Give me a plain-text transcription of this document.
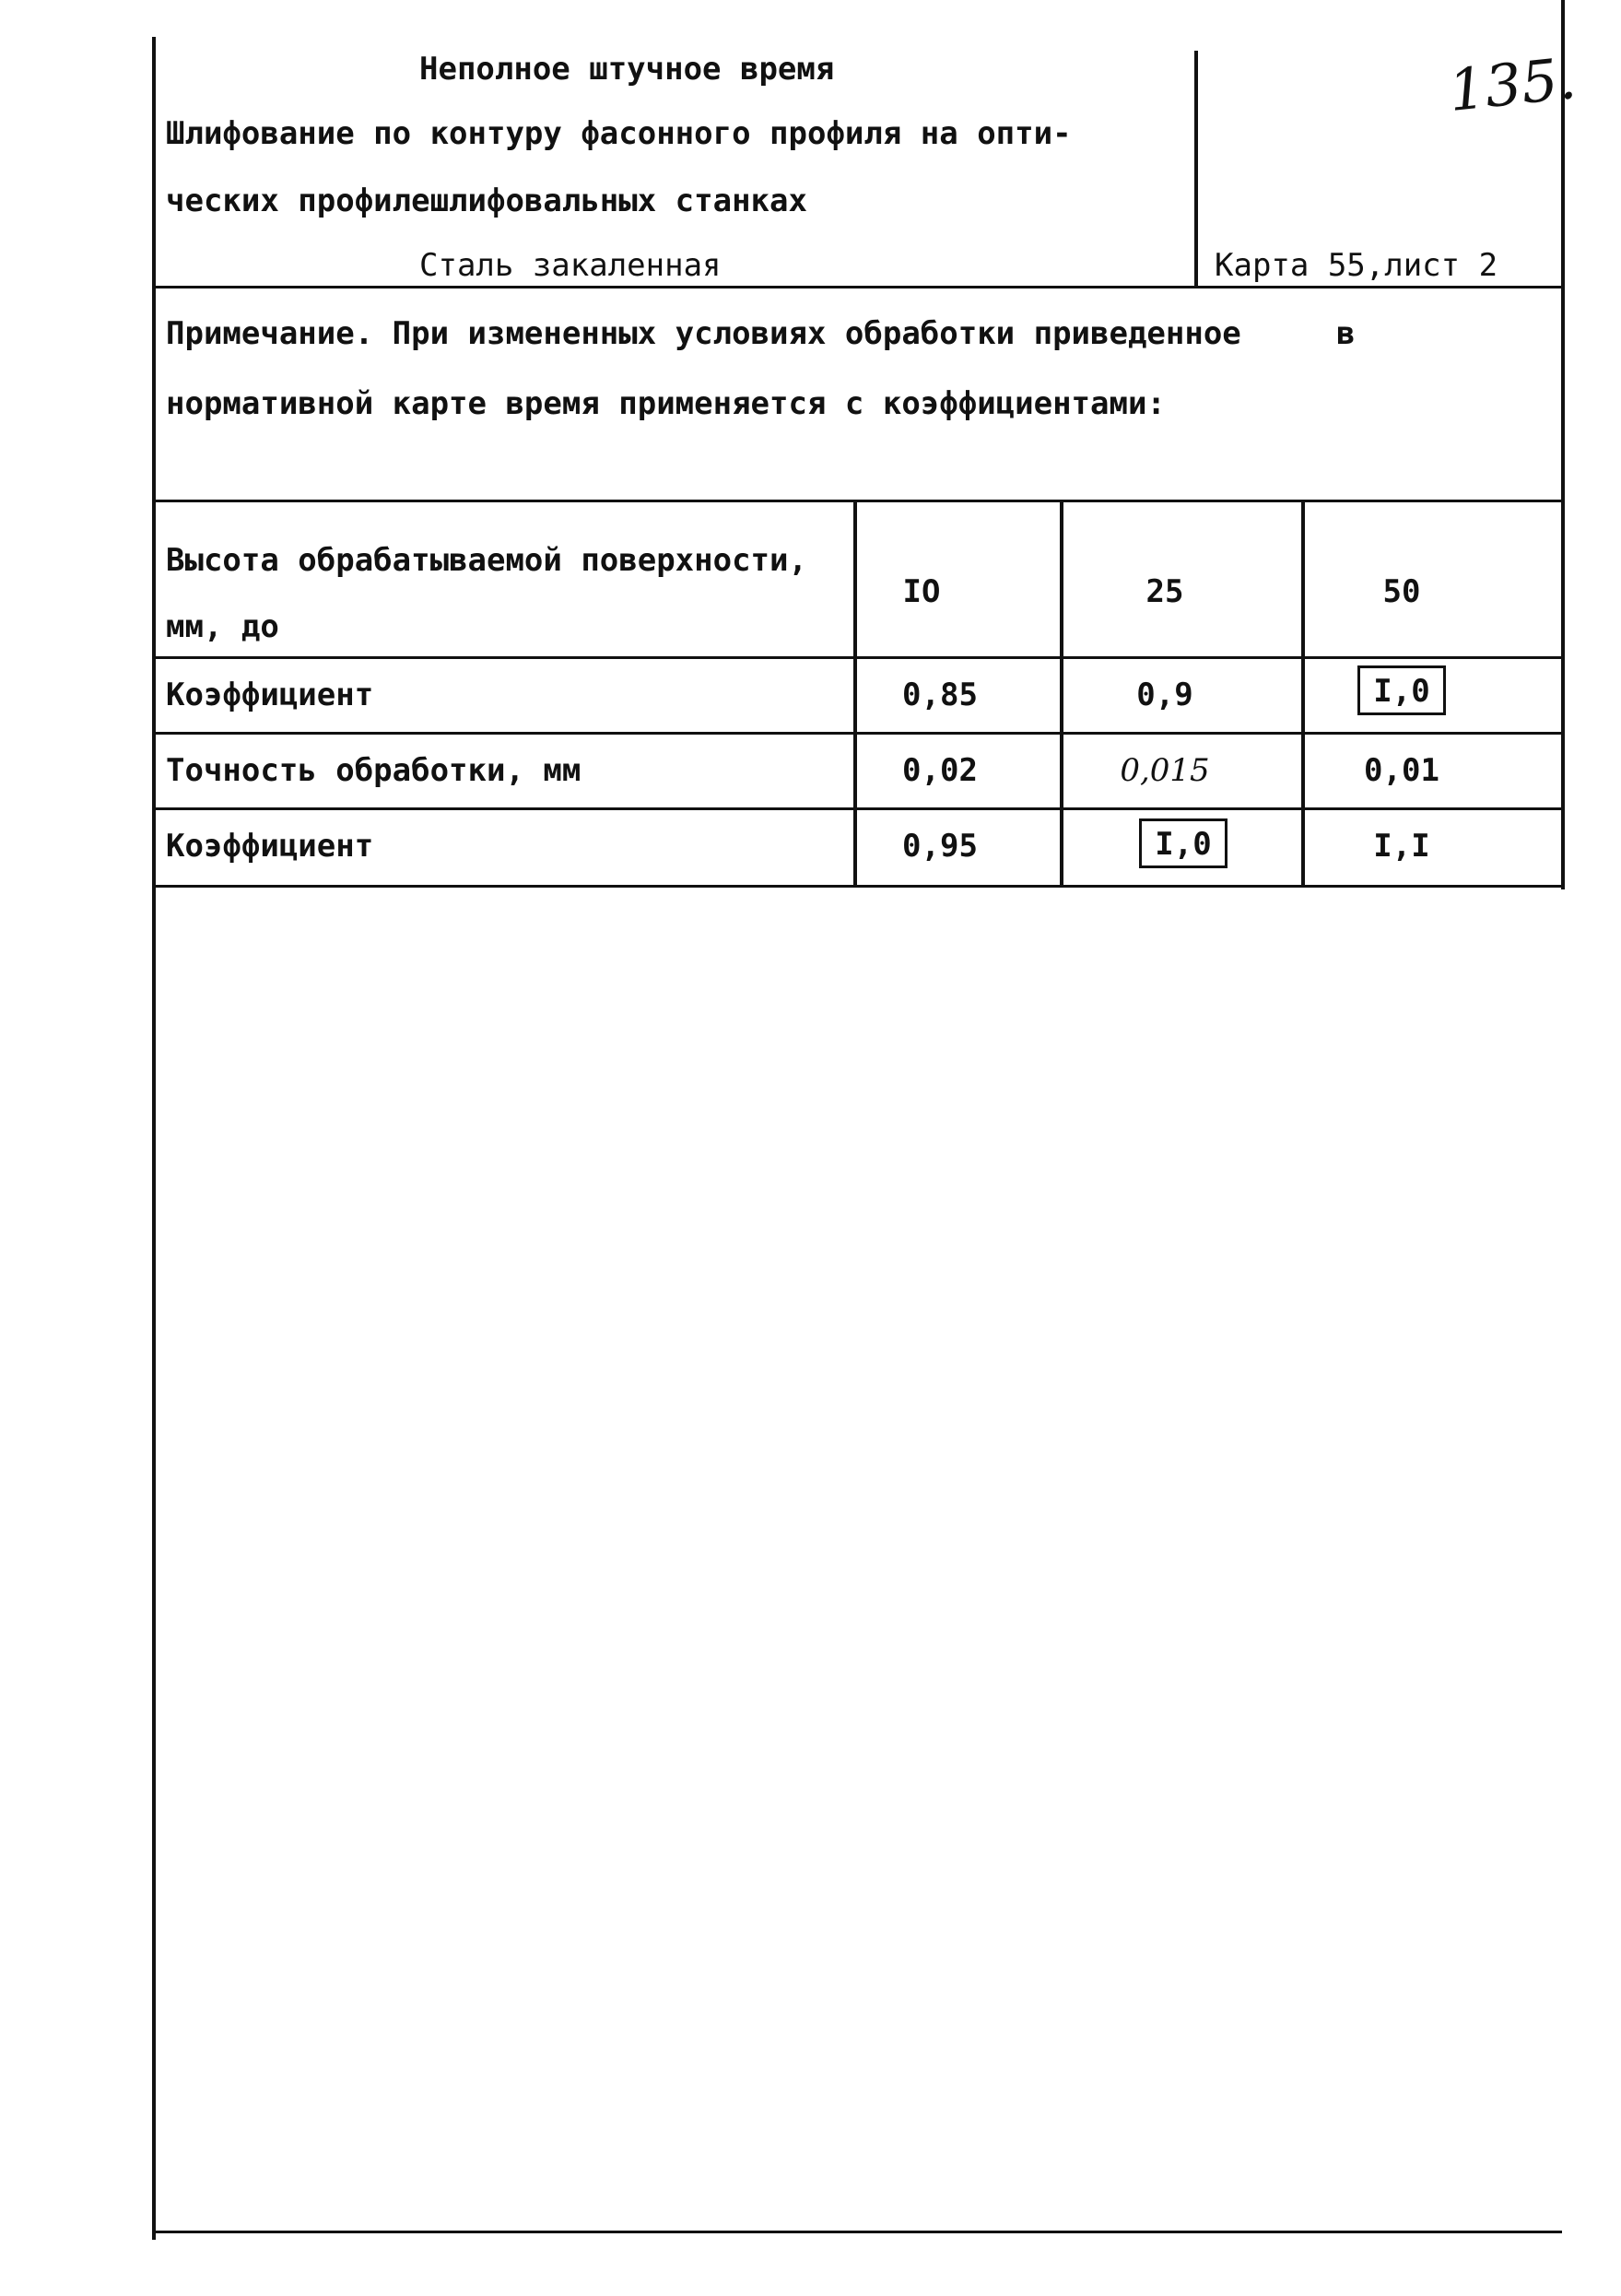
Неполное штучное время
Шлифование по контуру фасонного профиля на опти-
ческих профилешлифовальных станках
Сталь закаленная	Карта 55,лист 2
135.
Примечание. При измененных условиях обработки приведенное	в
нормативной карте время применяется с коэффициентами:
Высота обрабатываемой поверхности,
мм, до
IO	25	50
Коэффициент	0,85	0,9	I,0
Точность обработки, мм	0,02	0,015	0,01
Коэффициент	0,95	I,0	I,I
